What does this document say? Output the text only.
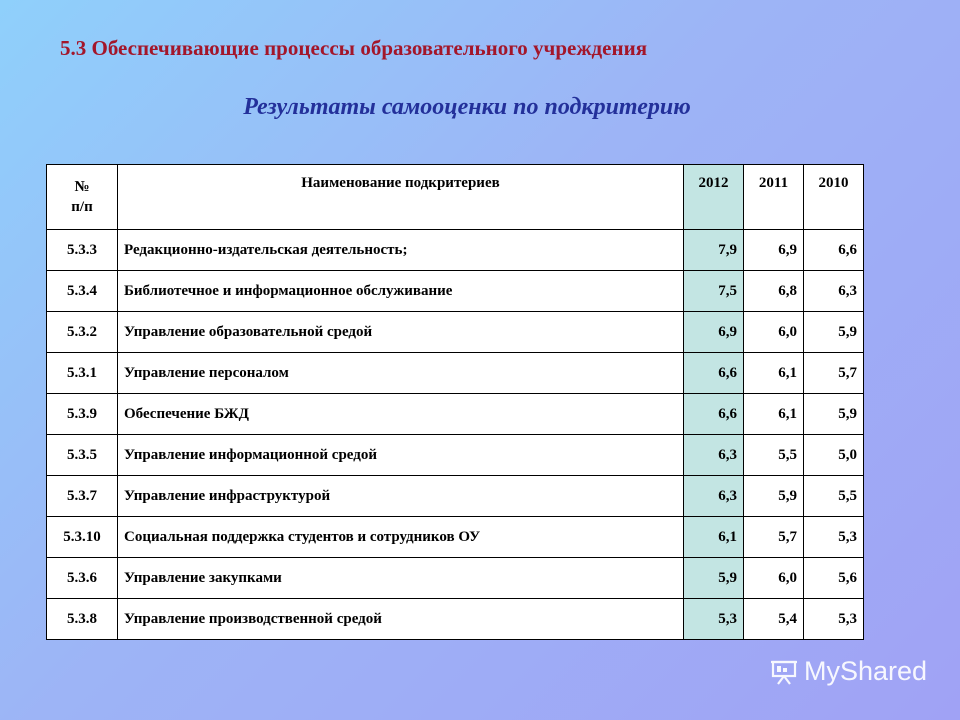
5.3 Обеспечивающие процессы образовательного учреждения
Результаты самооценки по подкритерию
№
п/п	Наименование подкритериев	2012	2011	2010
5.3.3	Редакционно-издательская деятельность;	7,9	6,9	6,6
5.3.4	Библиотечное и информационное обслуживание	7,5	6,8	6,3
5.3.2	Управление образовательной средой	6,9	6,0	5,9
5.3.1	Управление персоналом	6,6	6,1	5,7
5.3.9	Обеспечение БЖД	6,6	6,1	5,9
5.3.5	Управление информационной средой	6,3	5,5	5,0
5.3.7	Управление инфраструктурой	6,3	5,9	5,5
5.3.10	Социальная поддержка студентов и сотрудников ОУ	6,1	5,7	5,3
5.3.6	Управление закупками	5,9	6,0	5,6
5.3.8	Управление производственной средой	5,3	5,4	5,3
MyShared
